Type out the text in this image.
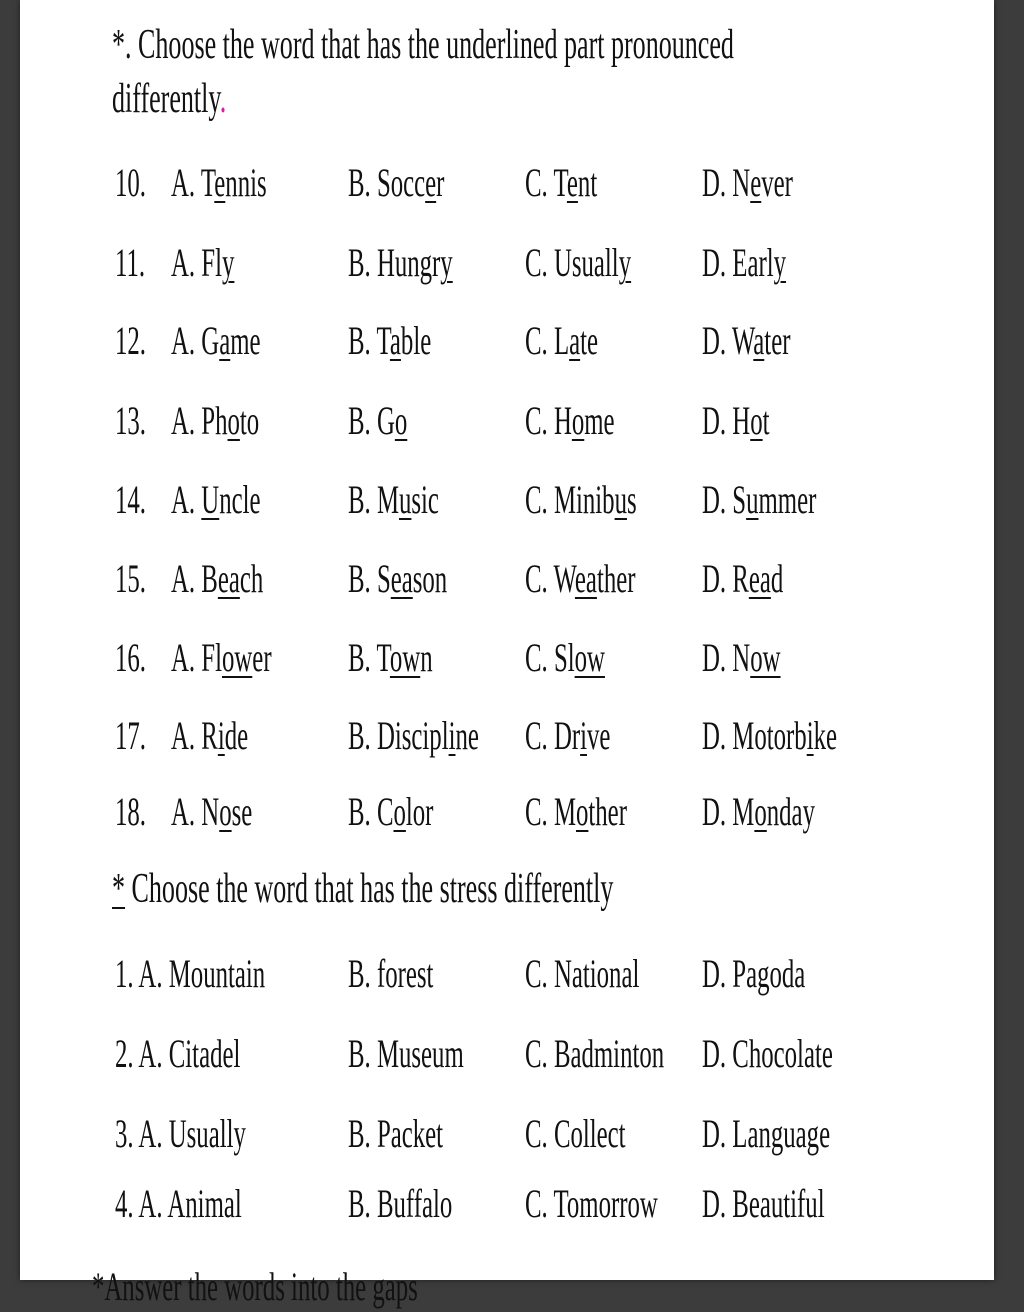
*. Choose the word that has the underlined part pronounced
differently.
10. A. Tennis B. Soccer C. Tent	D. Never
11. A. Fly	B. Hungry C. Usually D. Early
12. A. Game B. Table C. Late	D. Water
13. A. Photo B. Go	C. Home D. Hot
14. A. Uncle B. Music C. Minibus D. Summer
15. A. Beach B. Season C. Weather D. Read
16. A. Flower B. Town C. Slow D. Now
17. A. Ride B. Discipline C. Drive D. Motorbike
18. A. Nose B. Color C. Mother D. Monday
* Choose the word that has the stress differently
1. A. Mountain B. forest C. National D. Pagoda
2. A. Citadel	B. Museum C. Badminton D. Chocolate
3. A. Usually	B. Packet C. Collect D. Language
4. A. Animal	B. Buffalo C. Tomorrow D. Beautiful
*Answer the words into the gaps
